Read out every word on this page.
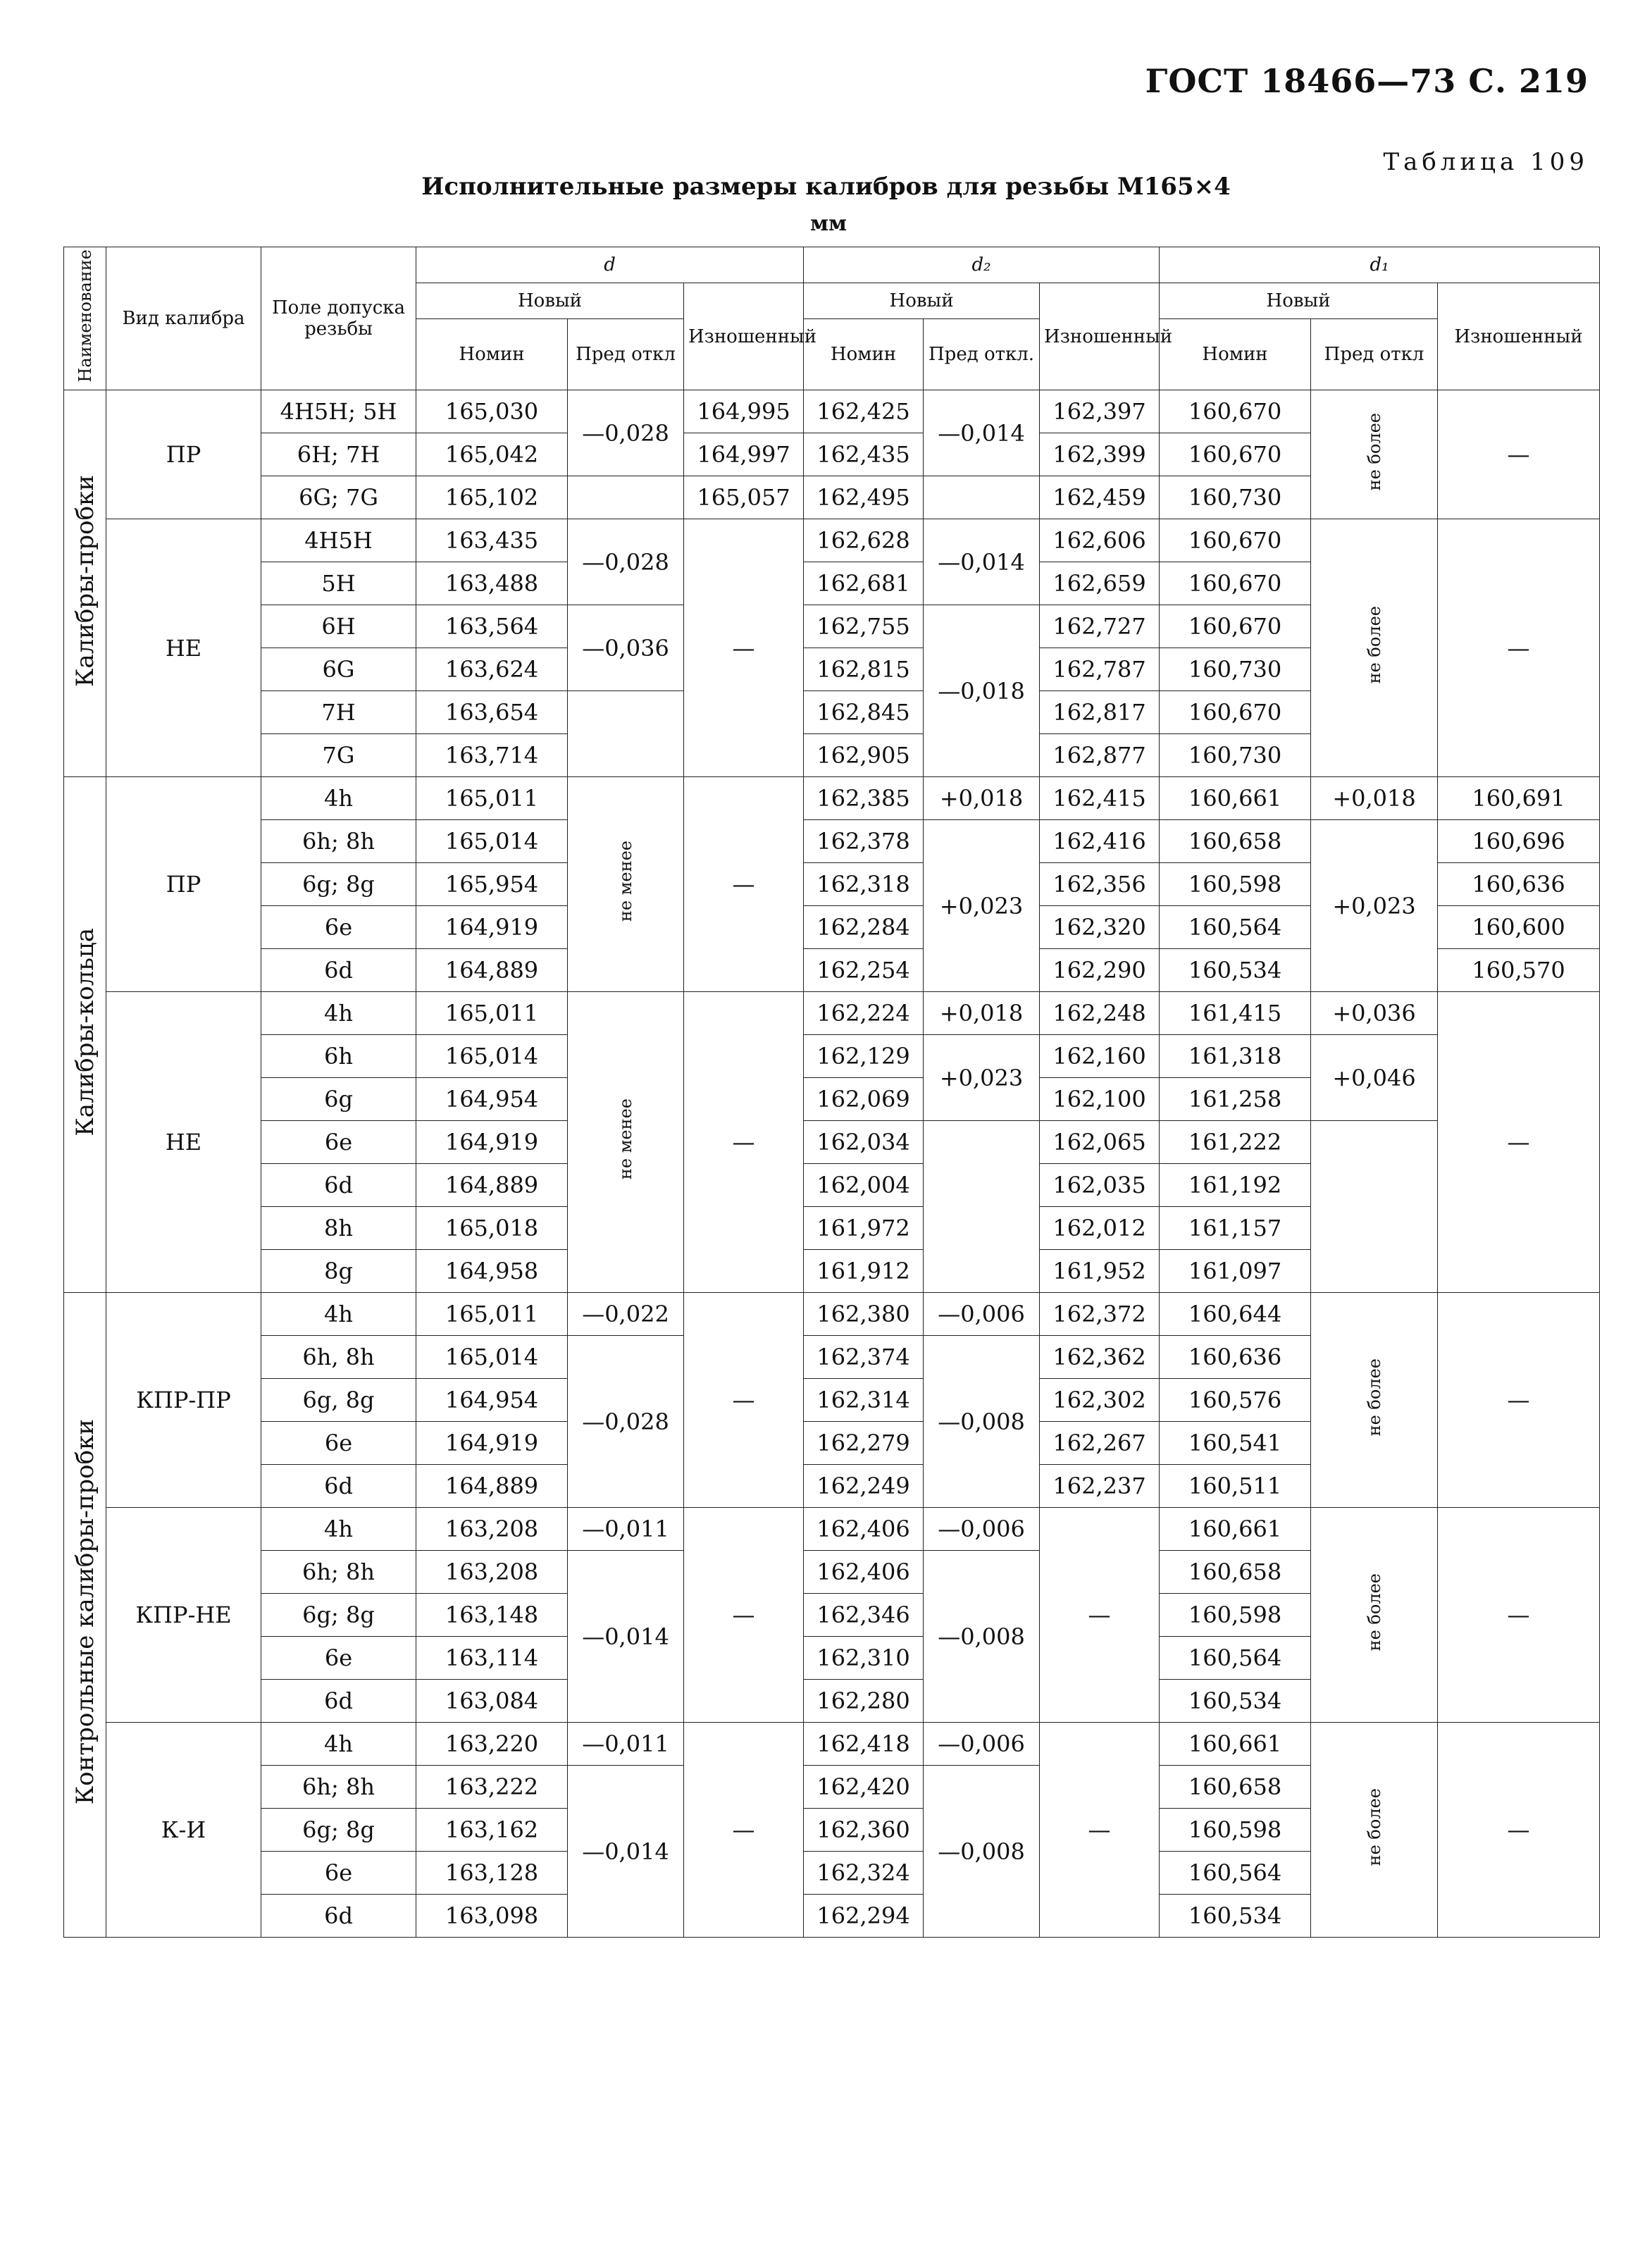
ГОСТ 18466—73 С. 219
Таблица 109
Исполнительные размеры калибров для резьбы М165×4
мм
Наименование	Вид калибра	Поле допуска резьбы	d			d₂			d₁		
			Новый		Изношенный	Новый		Изношенный	Новый		Изношенный

			Номин	Пред откл		Номин	Пред откл.		Номин	Пред откл	

Калибры-пробки	ПР	4H5H; 5H	165,030	—0,028	164,995	162,425	—0,014	162,397	160,670	не более	—
		6H; 7H	165,042		164,997	162,435		162,399	160,670		
		6G; 7G	165,102		165,057	162,495		162,459	160,730		
	НЕ	4H5H	163,435	—0,028	—	162,628	—0,014	162,606	160,670	не более	—
		5H	163,488			162,681		162,659	160,670		
		6H	163,564	—0,036		162,755	—0,018	162,727	160,670		
		6G	163,624			162,815		162,787	160,730		
		7H	163,654			162,845		162,817	160,670		
		7G	163,714			162,905		162,877	160,730		
Калибры-кольца	ПР	4h	165,011	не менее	—	162,385	+0,018	162,415	160,661	+0,018	160,691
		6h; 8h	165,014			162,378	+0,023	162,416	160,658	+0,023	160,696
		6g; 8g	165,954			162,318		162,356	160,598		160,636
		6e	164,919			162,284		162,320	160,564		160,600
		6d	164,889			162,254		162,290	160,534		160,570
	НЕ	4h	165,011	не менее	—	162,224	+0,018	162,248	161,415	+0,036	—
		6h	165,014			162,129	+0,023	162,160	161,318	+0,046	
		6g	164,954			162,069		162,100	161,258		
		6e	164,919			162,034		162,065	161,222		
		6d	164,889			162,004		162,035	161,192		
		8h	165,018			161,972		162,012	161,157		
		8g	164,958			161,912		161,952	161,097		
Контрольные калибры-пробки	КПР-ПР	4h	165,011	—0,022	—	162,380	—0,006	162,372	160,644	не более	—
		6h, 8h	165,014	—0,028		162,374	—0,008	162,362	160,636		
		6g, 8g	164,954			162,314		162,302	160,576		
		6e	164,919			162,279		162,267	160,541		
		6d	164,889			162,249		162,237	160,511		
	КПР-НЕ	4h	163,208	—0,011	—	162,406	—0,006	—	160,661	не более	—
		6h; 8h	163,208	—0,014		162,406	—0,008		160,658		
		6g; 8g	163,148			162,346			160,598		
		6e	163,114			162,310			160,564		
		6d	163,084			162,280			160,534		
	К-И	4h	163,220	—0,011	—	162,418	—0,006	—	160,661	не более	—
		6h; 8h	163,222	—0,014		162,420	—0,008		160,658		
		6g; 8g	163,162			162,360			160,598		
		6e	163,128			162,324			160,564		
		6d	163,098			162,294			160,534		
